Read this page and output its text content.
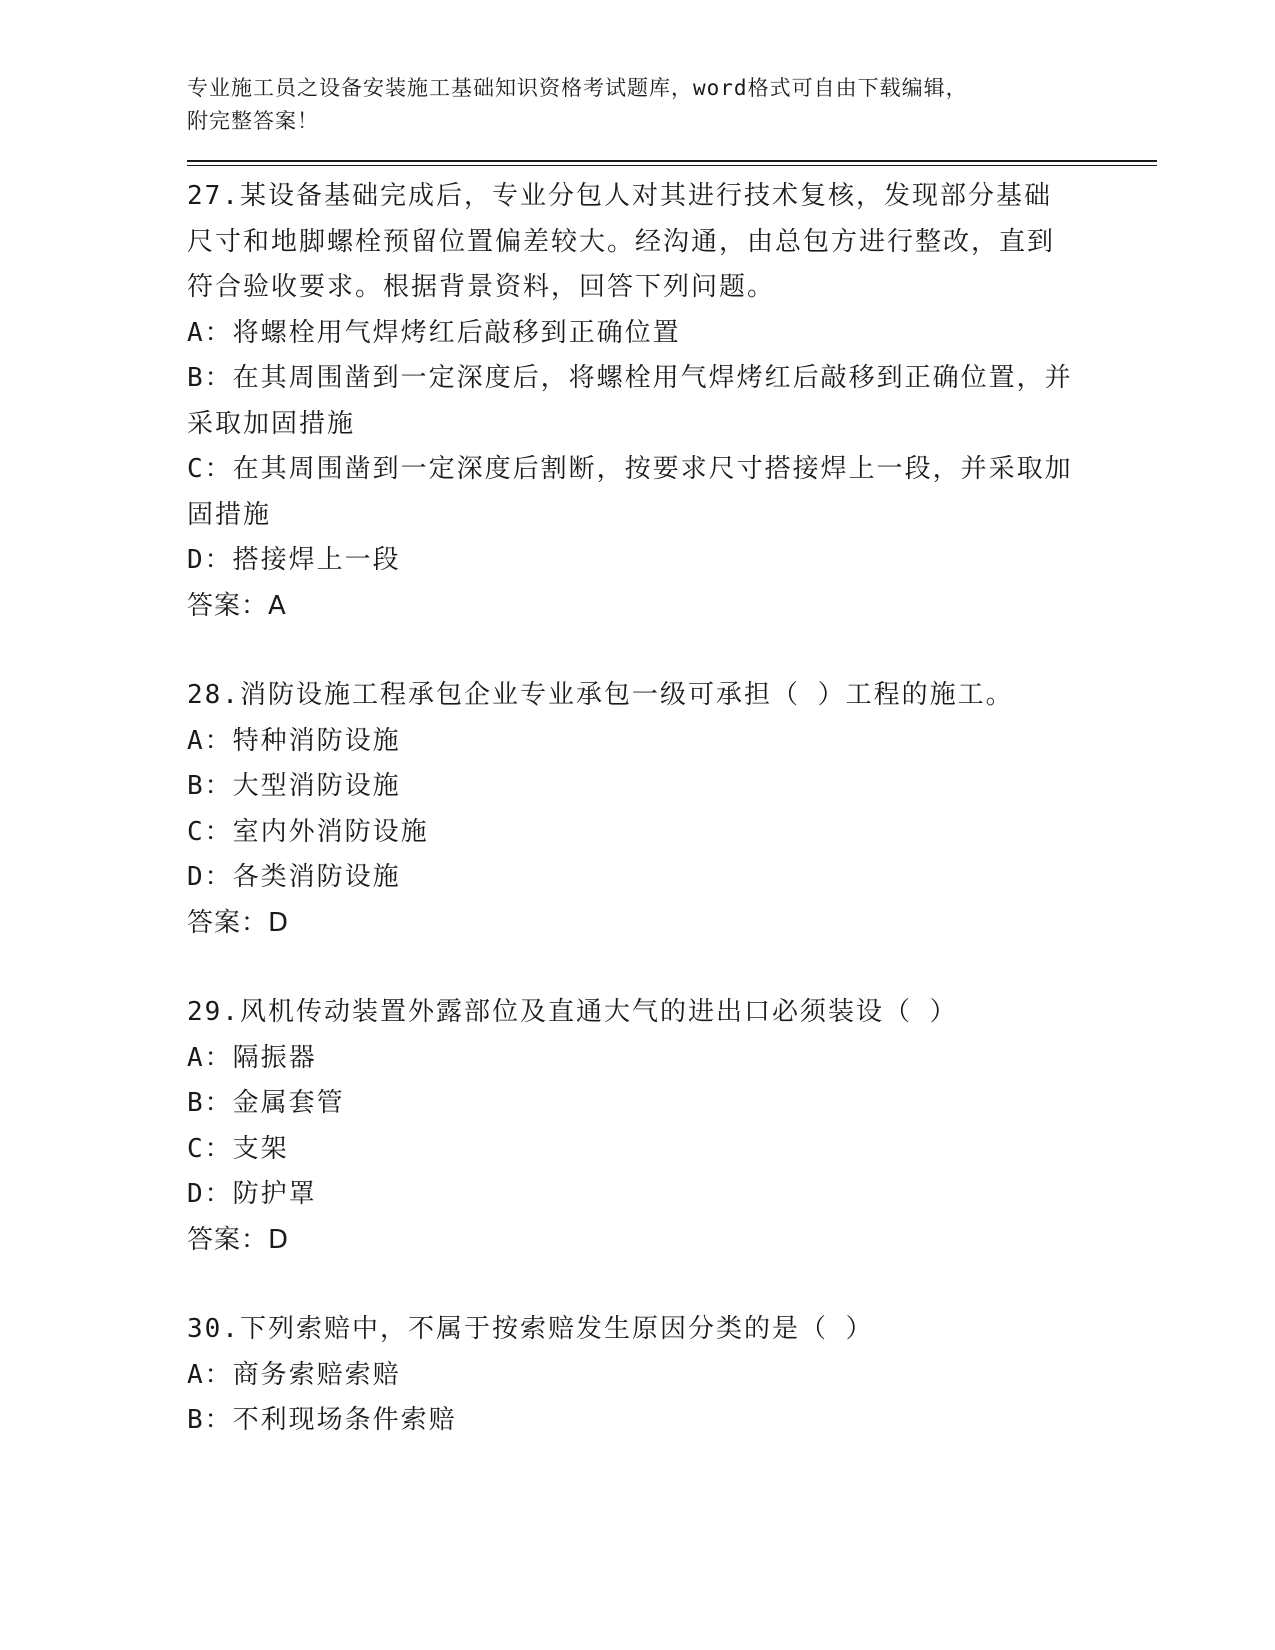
专业施工员之设备安装施工基础知识资格考试题库，word格式可自由下载编辑，
附完整答案！
27.某设备基础完成后，专业分包人对其进行技术复核，发现部分基础尺寸和地脚螺栓预留位置偏差较大。经沟通，由总包方进行整改，直到符合验收要求。根据背景资料，回答下列问题。
A：将螺栓用气焊烤红后敲移到正确位置
B：在其周围凿到一定深度后，将螺栓用气焊烤红后敲移到正确位置，并采取加固措施
C：在其周围凿到一定深度后割断，按要求尺寸搭接焊上一段，并采取加固措施
D：搭接焊上一段
答案：A
28.消防设施工程承包企业专业承包一级可承担（ ）工程的施工。
A：特种消防设施
B：大型消防设施
C：室内外消防设施
D：各类消防设施
答案：D
29.风机传动装置外露部位及直通大气的进出口必须装设（ ）
A：隔振器
B：金属套管
C：支架
D：防护罩
答案：D
30.下列索赔中，不属于按索赔发生原因分类的是（ ）
A：商务索赔索赔
B：不利现场条件索赔
